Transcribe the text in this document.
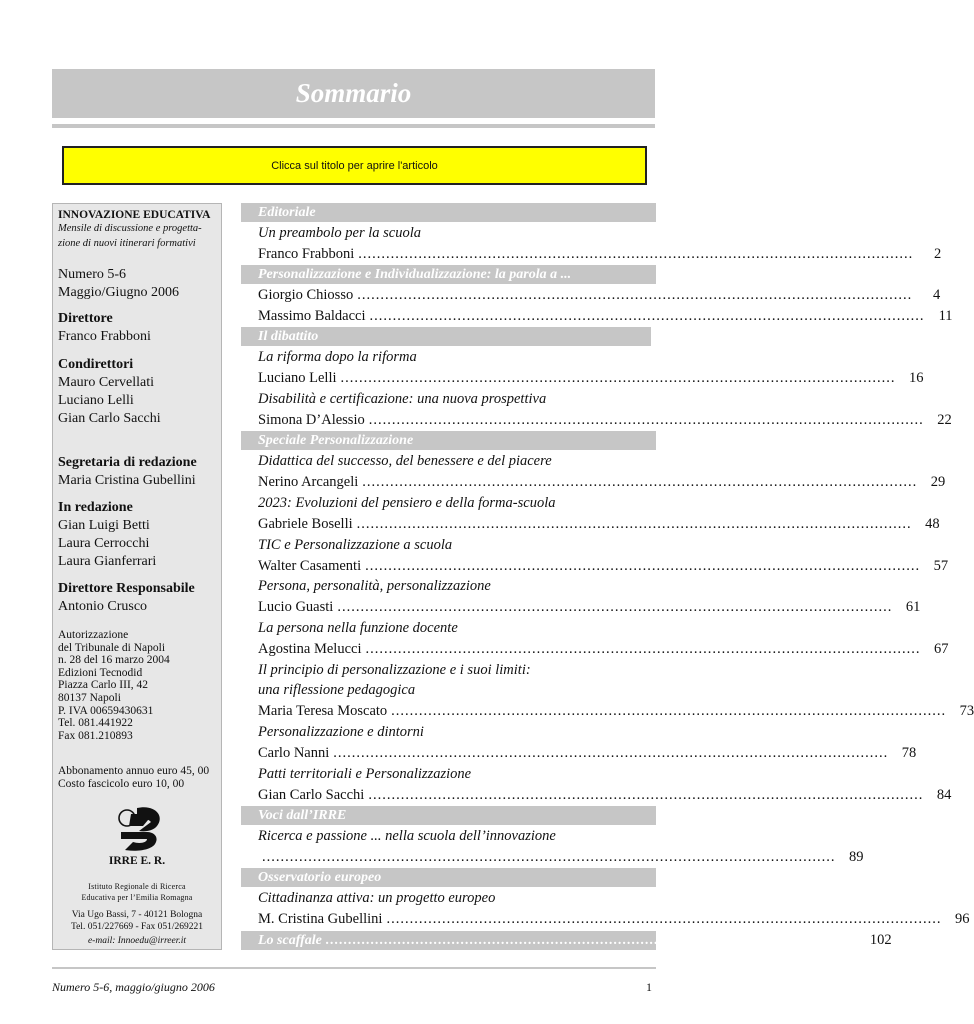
Sommario
Clicca sul titolo per aprire l'articolo
INNOVAZIONE EDUCATIVA
Mensile di discussione e progetta-
zione di nuovi itinerari formativi
Numero 5-6
Maggio/Giugno 2006
Direttore
Franco Frabboni
Condirettori
Mauro Cervellati
Luciano Lelli
Gian Carlo Sacchi
Segretaria di redazione
Maria Cristina Gubellini
In redazione
Gian Luigi Betti
Laura Cerrocchi
Laura Gianferrari
Direttore Responsabile
Antonio Crusco
Autorizzazione
del Tribunale di Napoli
n. 28 del 16 marzo 2004
Edizioni Tecnodid
Piazza Carlo III, 42
80137 Napoli
P. IVA 00659430631
Tel. 081.441922
Fax 081.210893
Abbonamento annuo euro 45, 00
Costo fascicolo euro 10, 00
IRRE E. R.
Istituto Regionale di Ricerca
Educativa per l’Emilia Romagna
Via Ugo Bassi, 7 - 40121 Bologna
Tel. 051/227669 - Fax 051/269221
e-mail: Innoedu@irreer.it
Editoriale
Un preambolo per la scuola
Franco Frabboni ........................................................................................................................	2
Personalizzazione e Individualizzazione: la parola a ...
Giorgio Chiosso ........................................................................................................................	4
Massimo Baldacci ........................................................................................................................ 11
Il dibattito
La riforma dopo la riforma
Luciano Lelli ........................................................................................................................ 16
Disabilità e certificazione: una nuova prospettiva
Simona D’Alessio ........................................................................................................................ 22
Speciale Personalizzazione
Didattica del successo, del benessere e del piacere
Nerino Arcangeli ........................................................................................................................ 29
2023: Evoluzioni del pensiero e della forma-scuola
Gabriele Boselli ........................................................................................................................ 48
TIC e Personalizzazione a scuola
Walter Casamenti ........................................................................................................................ 57
Persona, personalità, personalizzazione
Lucio Guasti ........................................................................................................................ 61
La persona nella funzione docente
Agostina Melucci ........................................................................................................................ 67
Il principio di personalizzazione e i suoi limiti:
una riflessione pedagogica
Maria Teresa Moscato ........................................................................................................................ 73
Personalizzazione e dintorni
Carlo Nanni ........................................................................................................................ 78
Patti territoriali e Personalizzazione
Gian Carlo Sacchi ........................................................................................................................ 84
Voci dall’IRRE
Ricerca e passione ... nella scuola dell’innovazione
............................................................................................................................ 89
Osservatorio europeo
Cittadinanza attiva: un progetto europeo
M. Cristina Gubellini ........................................................................................................................ 96
Lo scaffale ........................................................................................................................ 102
Numero 5-6, maggio/giugno 2006	1
